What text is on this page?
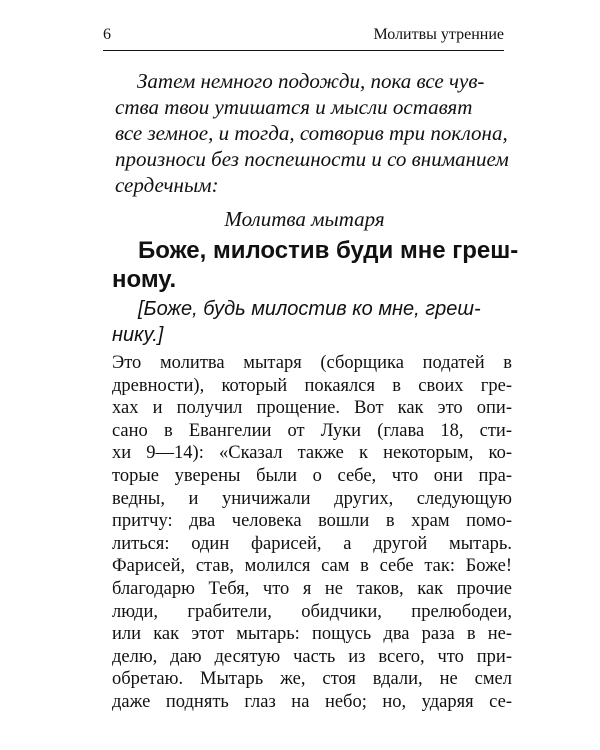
6	Молитвы утренние
Затем немного подожди, пока все чув-
ства твои утишатся и мысли оставят
все земное, и тогда, сотворив три поклона,
произноси без поспешности и со вниманием
сердечным:
Молитва мытаря
Боже, милостив буди мне греш-
ному.
[Боже, будь милостив ко мне, греш-
нику.]
Это молитва мытаря (сборщика податей в
древности), который покаялся в своих гре-
хах и получил прощение. Вот как это опи-
сано в Евангелии от Луки (глава 18, сти-
хи 9—14): «Сказал также к некоторым, ко-
торые уверены были о себе, что они пра-
ведны, и уничижали других, следующую
притчу: два человека вошли в храм помо-
литься: один фарисей, а другой мытарь.
Фарисей, став, молился сам в себе так: Боже!
благодарю Тебя, что я не таков, как прочие
люди, грабители, обидчики, прелюбодеи,
или как этот мытарь: пощусь два раза в не-
делю, даю десятую часть из всего, что при-
обретаю. Мытарь же, стоя вдали, не смел
даже поднять глаз на небо; но, ударяя се-
